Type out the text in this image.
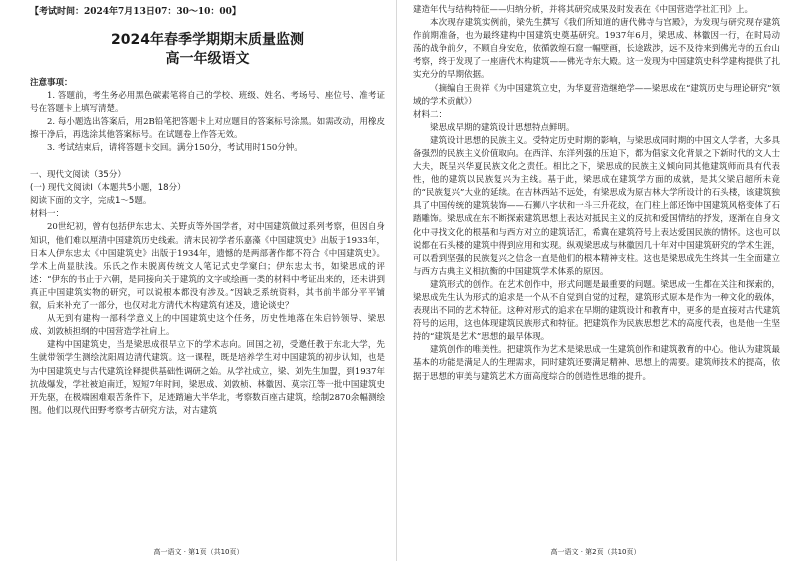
【考试时间：2024年7月13日07：30～10：00】
2024年春季学期期末质量监测
高一年级语文
注意事项：

1. 答题前，考生务必用黑色碳素笔将自己的学校、班级、姓名、考场号、座位号、准考证号在答题卡上填写清楚。

2. 每小题选出答案后，用2B铅笔把答题卡上对应题目的答案标号涂黑。如需改动，用橡皮擦干净后，再选涂其他答案标号。在试题卷上作答无效。

3. 考试结束后，请将答题卡交回。满分150分，考试用时150分钟。

一、现代文阅读（35分）
(一) 现代文阅读Ⅰ（本题共5小题，18分）
阅读下面的文字，完成1～5题。
材料一：

20世纪初，曾有包括伊东忠太、关野贞等外国学者，对中国建筑做过系列考察，但因自身知识，他们难以厘清中国建筑历史线索。清末民初学者乐嘉藻《中国建筑史》出版于1933年，日本人伊东忠太《中国建筑史》出版于1934年，遗憾的是两部著作都不符合《中国建筑史》。学术上尚显肤浅。乐氏之作未脱离传统文人笔记式史学窠臼；伊东忠太书，如梁思成的评述：“伊东的书止于六朝，是同接向关于建筑的文字或绘画一类的材料中考证出来的，还未讲到真正中国建筑实物的研究，可以说根本都没有涉及。”因缺乏系统资料，其书前半部分平平铺叙，后来补充了一部分，也仅对北方清代木构建筑有述及，遗论谈史？

从无到有建构一部科学意义上的中国建筑史这个任务，历史性地落在朱启钤领导、梁思成、刘敦桢担纲的中国营造学社肩上。

建构中国建筑史，当是梁思成很早立下的学术志向。回国之初，受邀任教于东北大学，先生就带领学生测绘沈阳周边清代建筑。这一课程，既是培养学生对中国建筑的初步认知，也是为中国建筑史与古代建筑诠释提供基础性调研之始。从学社成立，梁、刘先生加盟，到1937年抗战爆发，学社被迫南迁，短短7年时间，梁思成、刘敦桢、林徽因、莫宗江等一批中国建筑史开先驱，在极端困难艰苦条件下，足迹踏遍大半华北，考察数百座古建筑，绘制2870余幅测绘图。他们以现代田野考察考古研究方法，对古建筑

高一语文 · 第1页（共10页）

建造年代与结构特征——归纳分析，并将其研究成果及时发表在《中国营造学社汇刊》上。

本次现存建筑实例前，梁先生撰写《我们所知道的唐代佛寺与宫殿》，为发现与研究现存建筑作前期准备，也为最终建构中国建筑史奠基研究。1937年6月，梁思成、林徽因一行，在时局动荡的战争前夕，不顾自身安危，依循敦煌石窟一幅壁画，长途跋涉，远不及待来到佛光寺的五台山考察，终于发现了一座唐代木构建筑——佛光寺东大殿。这一发现为中国建筑史科学建构提供了扎实充分的早期依据。

（摘编自王贵祥《为中国建筑立史，为华夏营造继绝学——梁思成在“建筑历史与理论研究”领域的学术贡献》）

材料二：

梁思成早期的建筑设计思想特点鲜明。

建筑设计思想的民族主义。受特定历史时期的影响，与梁思成同时期的中国文人学者，大多具备强烈的民族主义价值取向。在西洋、东洋列强的压迫下，都为倡家文化背景之下新时代的文人士大夫，既呈兴华夏民族文化之责任。相比之下，梁思成的民族主义倾向同其他建筑师而具有代表性，他的建筑以民族复兴为主线。基于此，梁思成在建筑学方面的成就，是其父梁启超所未竟的“民族复兴”大业的延续。在吉林西站不远处，有梁思成为原吉林大学所设计的石头楼，该建筑独具了中国传统的建筑装饰——石狮八字状和一斗三升花纹，在门柱上部还饰中国建筑风格变体了石踏雕饰。梁思成在东不断探索建筑思想上表达对抵民主义的反抗和爱国情结的抒发，逐渐在自身文化中寻找文化的根基和与西方对立的建筑话汇，希冀在建筑符号上表达爱国民族的情怀。这也可以说都在石头楼的建筑中得到应用和实现。纵观梁思成与林徽因几十年对中国建筑研究的学术生涯，可以看到坚强的民族复兴之信念一直是他们的根本精神支柱。这也是梁思成先生终其一生全面建立与西方古典主义相抗衡的中国建筑学术体系的原因。

建筑形式的创作。在艺术创作中，形式问题是最重要的问题。梁思成一生都在关注和探索的，梁思成先生认为形式的追求是一个从不自觉到自觉的过程，建筑形式原本是作为一种文化的载体，表现出不同的艺术特征。这种对形式的追求在早期的建筑设计和教育中，更多的是直接对古代建筑符号的运用，这也体现建筑民族形式和特征。把建筑作为民族思想艺术的高度代表，也是他一生坚持的“建筑是艺术”思想的最早体现。

建筑创作的唯美性。把建筑作为艺术是梁思成一生建筑创作和建筑教育的中心。他认为建筑最基本的功能是满足人的生理需求，同时建筑还要满足精神、思想上的需要。建筑师技术的提高，依据于思想的审美与建筑艺术方面高度综合的创造性思维的提升。

高一语文 · 第2页（共10页）
